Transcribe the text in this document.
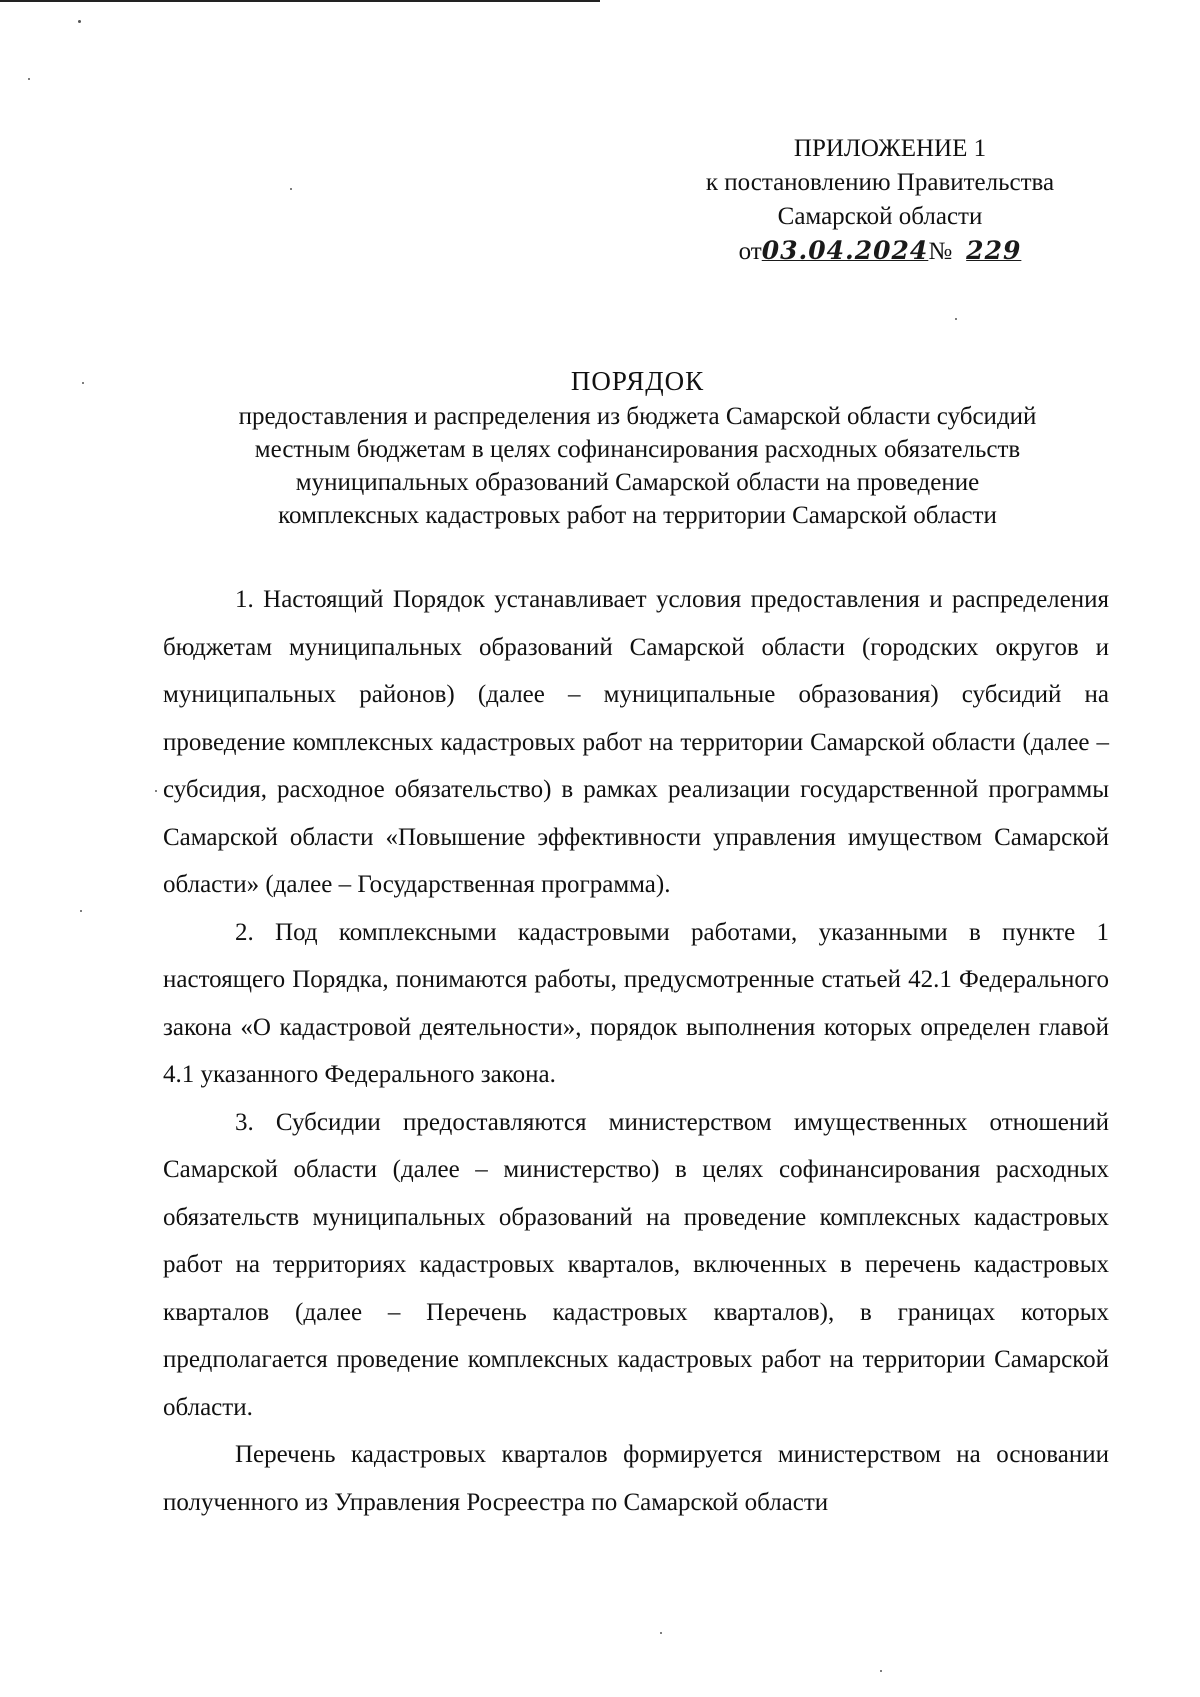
ПРИЛОЖЕНИЕ 1
к постановлению Правительства
Самарской области
от03.04.2024№ 229
ПОРЯДОК
предоставления и распределения из бюджета Самарской области субсидий
местным бюджетам в целях софинансирования расходных обязательств
муниципальных образований Самарской области на проведение
комплексных кадастровых работ на территории Самарской области

1. Настоящий Порядок устанавливает условия предоставления и распределения бюджетам муниципальных образований Самарской области (городских округов и муниципальных районов) (далее – муниципальные образования) субсидий на проведение комплексных кадастровых работ на территории Самарской области (далее – субсидия, расходное обязательство) в рамках реализации государственной программы Самарской области «Повышение эффективности управления имуществом Самарской области» (далее – Государственная программа).

2. Под комплексными кадастровыми работами, указанными в пункте 1 настоящего Порядка, понимаются работы, предусмотренные статьей 42.1 Федерального закона «О кадастровой деятельности», порядок выполнения которых определен главой 4.1 указанного Федерального закона.

3. Субсидии предоставляются министерством имущественных отношений Самарской области (далее – министерство) в целях софинансирования расходных обязательств муниципальных образований на проведение комплексных кадастровых работ на территориях кадастровых кварталов, включенных в перечень кадастровых кварталов (далее – Перечень кадастровых кварталов), в границах которых предполагается проведение комплексных кадастровых работ на территории Самарской области.

Перечень кадастровых кварталов формируется министерством на основании полученного из Управления Росреестра по Самарской области
